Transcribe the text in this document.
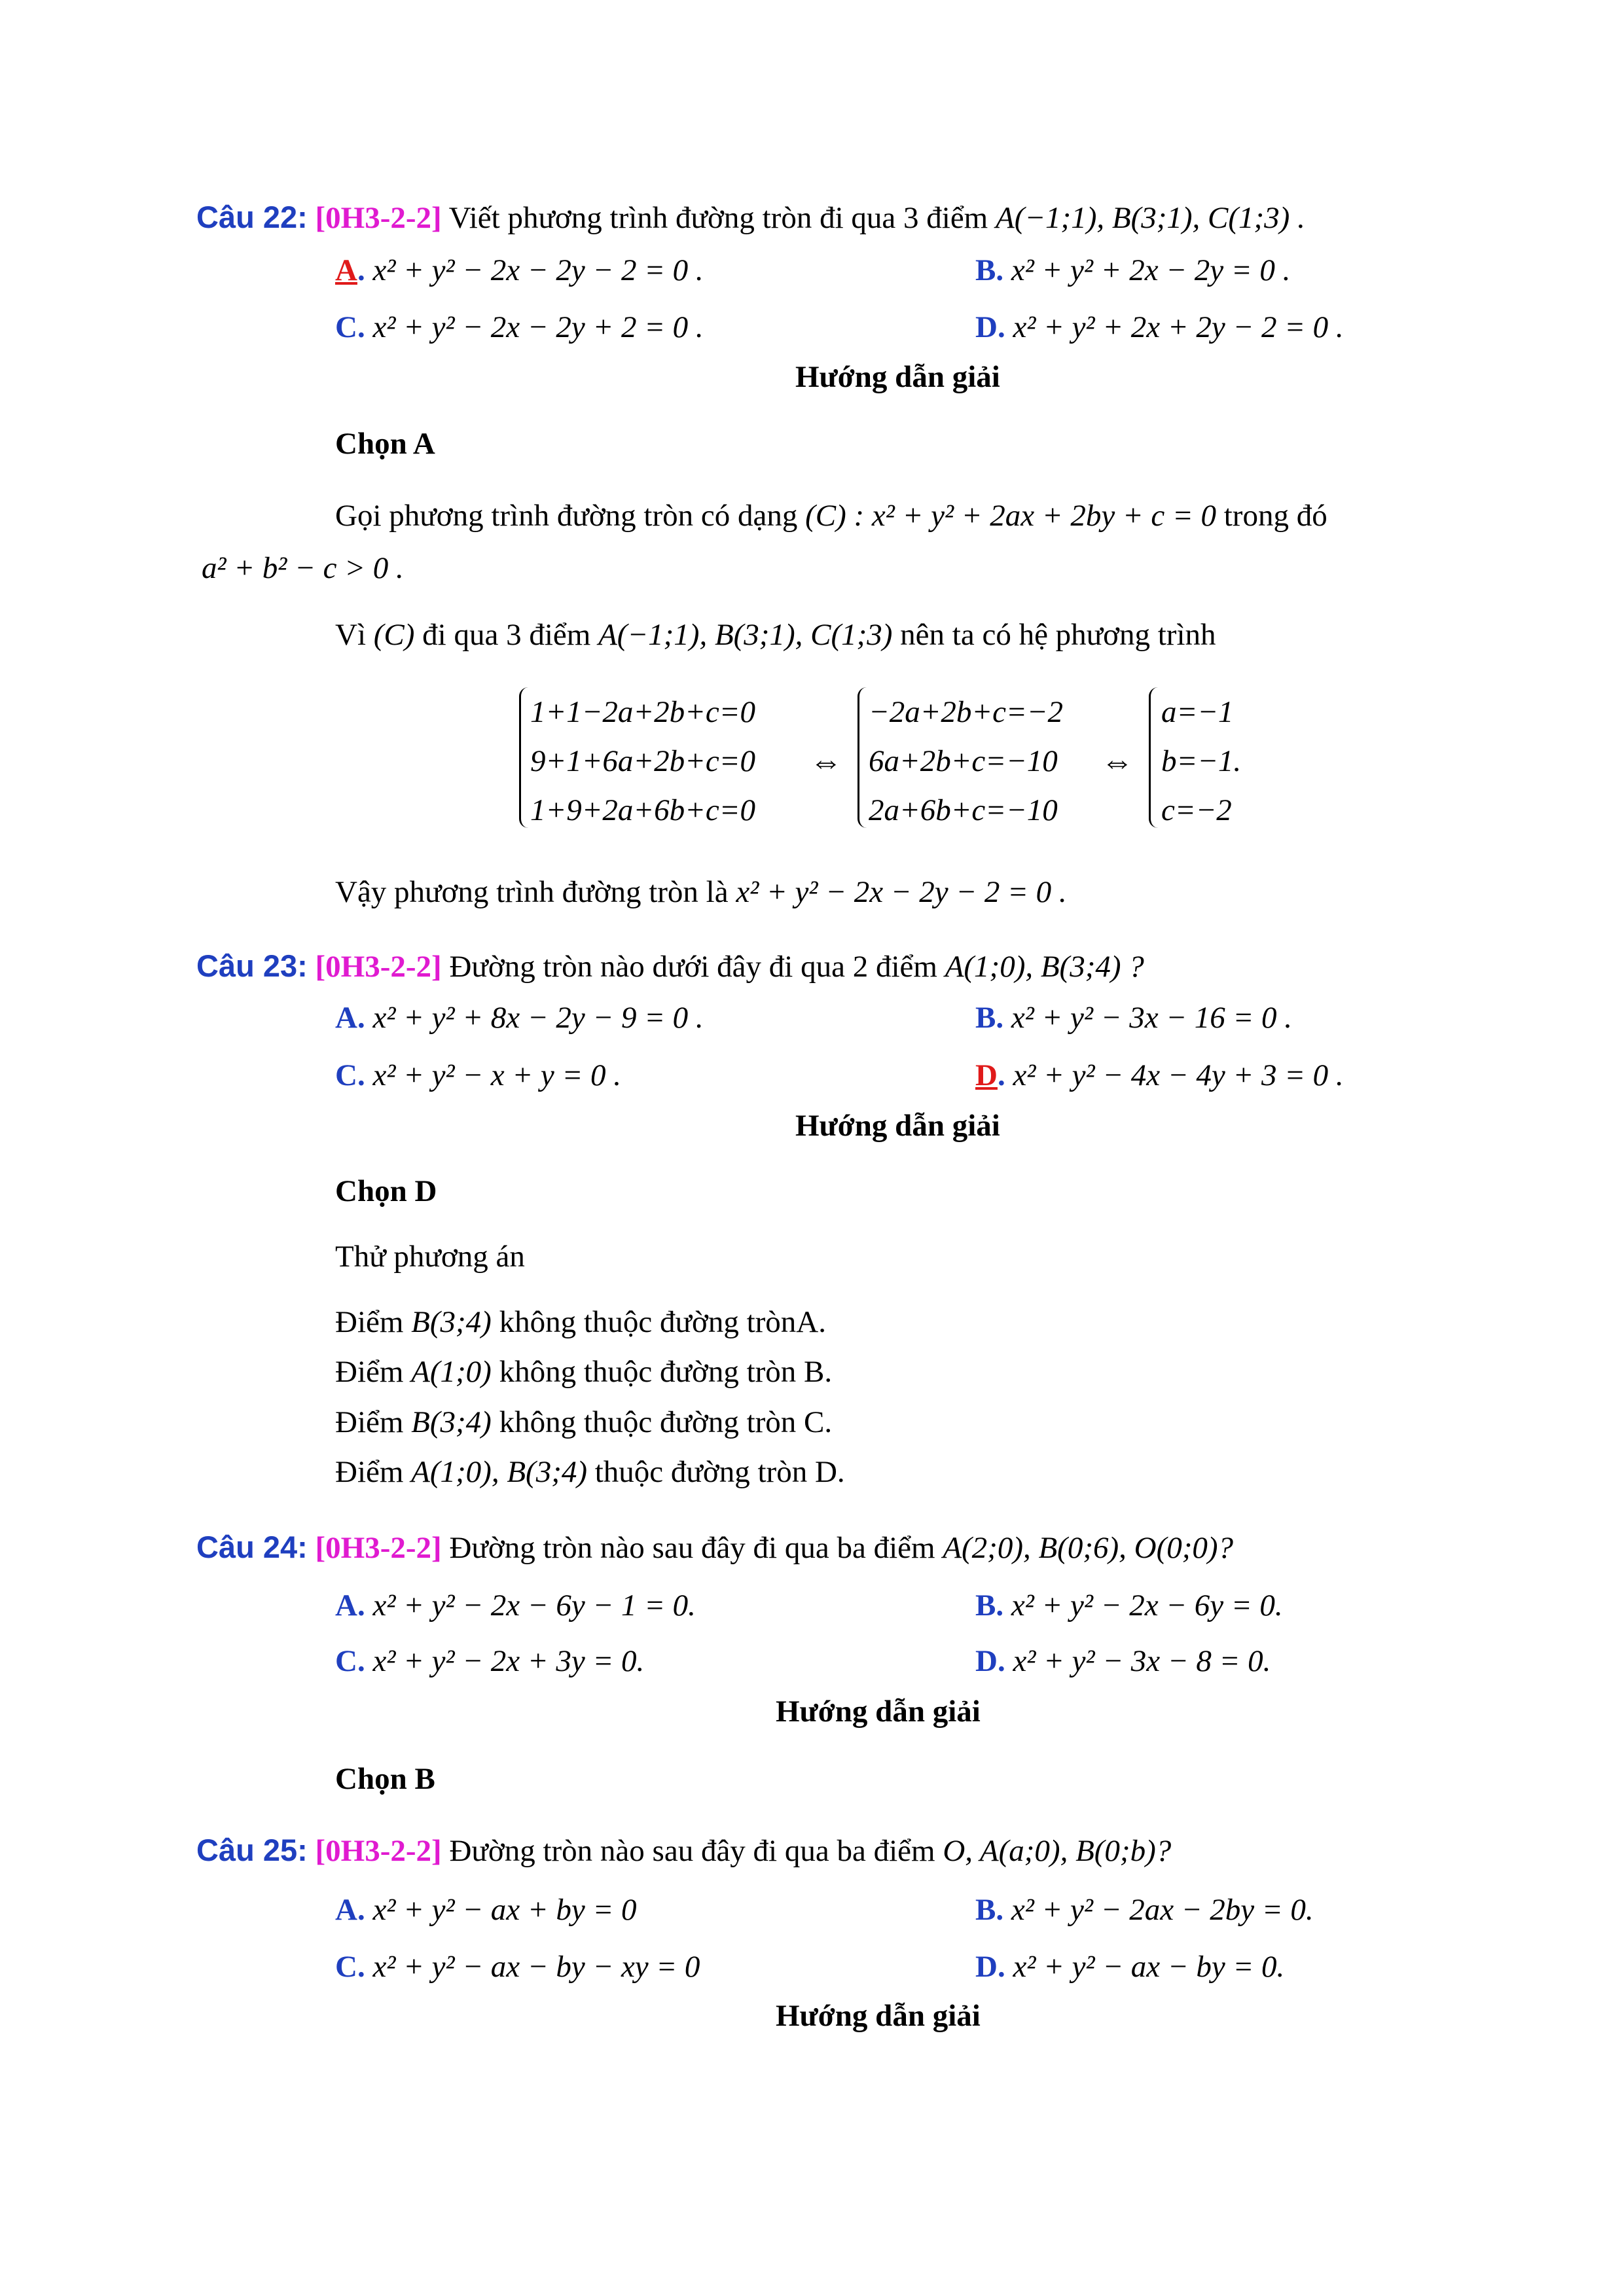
Câu 22: [0H3-2-2] Viết phương trình đường tròn đi qua 3 điểm A(−1;1), B(3;1), C(1;3) .
A. x² + y² − 2x − 2y − 2 = 0 .	B. x² + y² + 2x − 2y = 0 .
C. x² + y² − 2x − 2y + 2 = 0 .	D. x² + y² + 2x + 2y − 2 = 0 .
Hướng dẫn giải
Chọn A
Gọi phương trình đường tròn có dạng (C) : x² + y² + 2ax + 2by + c = 0 trong đó
a² + b² − c > 0 .
Vì (C) đi qua 3 điểm A(−1;1), B(3;1), C(1;3) nên ta có hệ phương trình
1+1−2a+2b+c=0
9+1+6a+2b+c=0
1+9+2a+6b+c=0
⇔
−2a+2b+c=−2
6a+2b+c=−10
2a+6b+c=−10
⇔
a=−1
b=−1.
c=−2
Vậy phương trình đường tròn là x² + y² − 2x − 2y − 2 = 0 .
Câu 23: [0H3-2-2] Đường tròn nào dưới đây đi qua 2 điểm A(1;0), B(3;4) ?
A. x² + y² + 8x − 2y − 9 = 0 .	B. x² + y² − 3x − 16 = 0 .
C. x² + y² − x + y = 0 .	D. x² + y² − 4x − 4y + 3 = 0 .
Hướng dẫn giải
Chọn D
Thử phương án
Điểm B(3;4) không thuộc đường trònA.
Điểm A(1;0) không thuộc đường tròn B.
Điểm B(3;4) không thuộc đường tròn C.
Điểm A(1;0), B(3;4) thuộc đường tròn D.
Câu 24: [0H3-2-2] Đường tròn nào sau đây đi qua ba điểm A(2;0), B(0;6), O(0;0)?
A. x² + y² − 2x − 6y − 1 = 0.	B. x² + y² − 2x − 6y = 0.
C. x² + y² − 2x + 3y = 0.	D. x² + y² − 3x − 8 = 0.
Hướng dẫn giải
Chọn B
Câu 25: [0H3-2-2] Đường tròn nào sau đây đi qua ba điểm O, A(a;0), B(0;b)?
A. x² + y² − ax + by = 0	B. x² + y² − 2ax − 2by = 0.
C. x² + y² − ax − by − xy = 0	D. x² + y² − ax − by = 0.
Hướng dẫn giải
